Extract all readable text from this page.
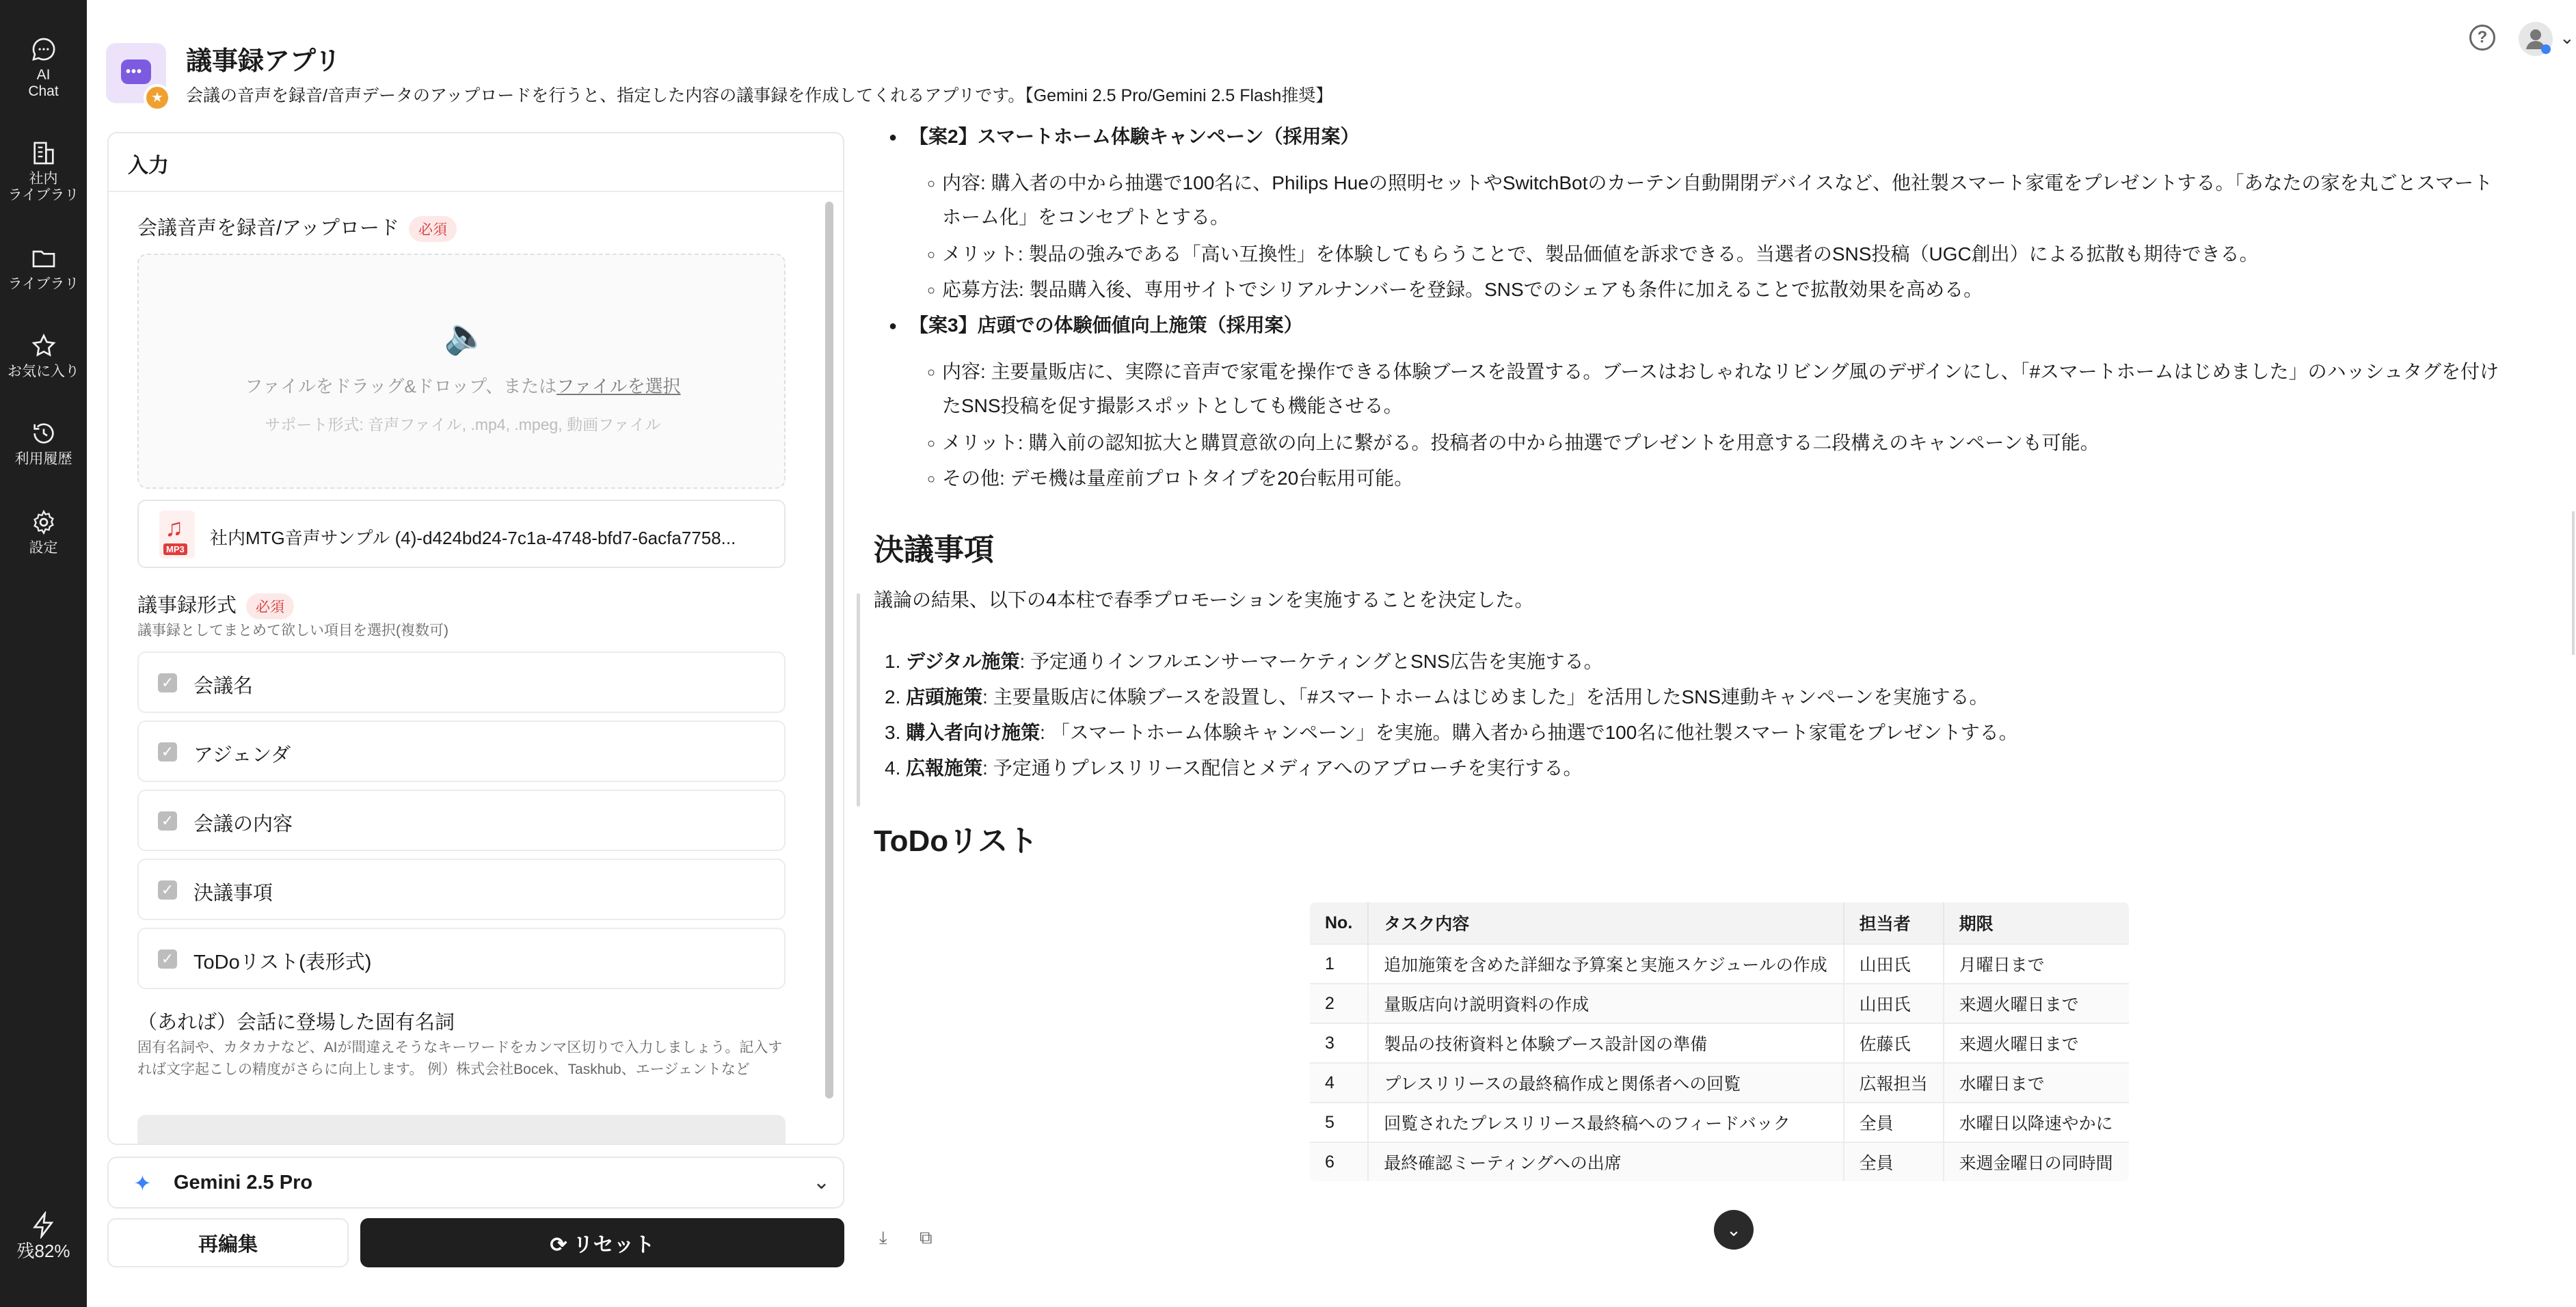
AI
Chat
社内
ライブラリ
ライブラリ
お気に入り
利用履歴
設定
残82%
•••
★
議事録アプリ
会議の音声を録音/音声データのアップロードを行うと、指定した内容の議事録を作成してくれるアプリです。【Gemini 2.5 Pro/Gemini 2.5 Flash推奨】
?	⌄
入力
会議音声を録音/アップロード 必須
🔈
ファイルをドラッグ&ドロップ、またはファイルを選択
サポート形式: 音声ファイル, .mp4, .mpeg, 動画ファイル
♫
MP3
社内MTG音声サンプル (4)-d424bd24-7c1a-4748-bfd7-6acfa7758...
議事録形式 必須
議事録としてまとめて欲しい項目を選択(複数可)
✓ 会議名
✓ アジェンダ
✓ 会議の内容
✓ 決議事項
✓ ToDoリスト(表形式)
（あれば）会話に登場した固有名詞
固有名詞や、カタカナなど、AIが間違えそうなキーワードをカンマ区切りで入力しましょう。記入すれば文字起こしの精度がさらに向上します。 例）株式会社Bocek、Taskhub、エージェントなど
✦ Gemini 2.5 Pro	⌄
再編集	⟳ リセット
● 【案2】スマートホーム体験キャンペーン（採用案）
○ 内容: 購入者の中から抽選で100名に、Philips Hueの照明セットやSwitchBotのカーテン自動開閉デバイスなど、他社製スマート家電をプレゼントする。「あなたの家を丸ごとスマート
ホーム化」をコンセプトとする。
○ メリット: 製品の強みである「高い互換性」を体験してもらうことで、製品価値を訴求できる。当選者のSNS投稿（UGC創出）による拡散も期待できる。
○ 応募方法: 製品購入後、専用サイトでシリアルナンバーを登録。SNSでのシェアも条件に加えることで拡散効果を高める。
● 【案3】店頭での体験価値向上施策（採用案）
○ 内容: 主要量販店に、実際に音声で家電を操作できる体験ブースを設置する。ブースはおしゃれなリビング風のデザインにし、「#スマートホームはじめました」のハッシュタグを付け
たSNS投稿を促す撮影スポットとしても機能させる。
○ メリット: 購入前の認知拡大と購買意欲の向上に繋がる。投稿者の中から抽選でプレゼントを用意する二段構えのキャンペーンも可能。
○ その他: デモ機は量産前プロトタイプを20台転用可能。
決議事項
議論の結果、以下の4本柱で春季プロモーションを実施することを決定した。
1. デジタル施策: 予定通りインフルエンサーマーケティングとSNS広告を実施する。
2. 店頭施策: 主要量販店に体験ブースを設置し、「#スマートホームはじめました」を活用したSNS連動キャンペーンを実施する。
3. 購入者向け施策: 「スマートホーム体験キャンペーン」を実施。購入者から抽選で100名に他社製スマート家電をプレゼントする。
4. 広報施策: 予定通りプレスリリース配信とメディアへのアプローチを実行する。
ToDoリスト
No.	タスク内容	担当者	期限
1	追加施策を含めた詳細な予算案と実施スケジュールの作成	山田氏	月曜日まで
2	量販店向け説明資料の作成	山田氏	来週火曜日まで
3	製品の技術資料と体験ブース設計図の準備	佐藤氏	来週火曜日まで
4	プレスリリースの最終稿作成と関係者への回覧	広報担当	水曜日まで
5	回覧されたプレスリリース最終稿へのフィードバック	全員	水曜日以降速やかに
6	最終確認ミーティングへの出席	全員	来週金曜日の同時間
⤓ ⧉	⌄
